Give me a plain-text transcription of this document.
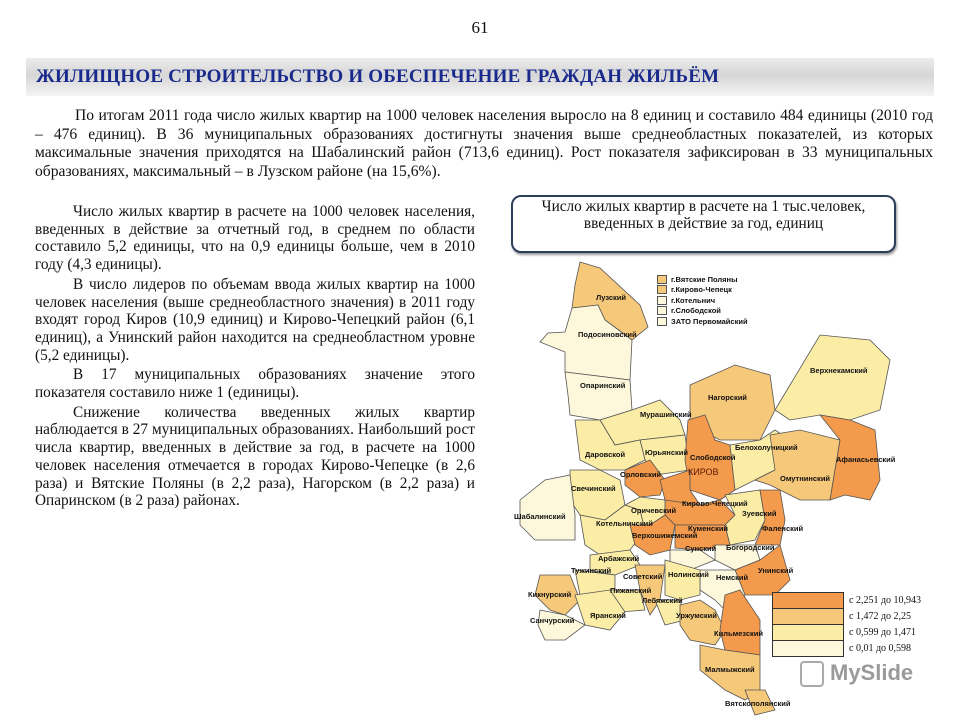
61
ЖИЛИЩНОЕ СТРОИТЕЛЬСТВО И ОБЕСПЕЧЕНИЕ ГРАЖДАН ЖИЛЬЁМ
По итогам 2011 года число жилых квартир на 1000 человек населения выросло на 8 единиц и составило 484 единицы (2010 год – 476 единиц). В 36 муниципальных образованиях достигнуты значения выше среднеобластных показателей, из которых максимальные значения приходятся на Шабалинский район (713,6 единиц). Рост показателя зафиксирован в 33 муниципальных образованиях, максимальный – в Лузском районе (на 15,6%).

Число жилых квартир в расчете на 1000 человек населения, введенных в действие за отчетный год, в среднем по области составило 5,2 единицы, что на 0,9 единицы больше, чем в 2010 году (4,3 единицы).

В число лидеров по объемам ввода жилых квартир на 1000 человек населения (выше среднеобластного значения) в 2011 году входят город Киров (10,9 единиц) и Кирово-Чепецкий район (6,1 единиц), а Унинский район находится на среднеобластном уровне (5,2 единицы).

В 17 муниципальных образованиях значение этого показателя составило ниже 1 (единицы).

Снижение количества введенных жилых квартир наблюдается в 27 муниципальных образованиях. Наибольший рост числа квартир, введенных в действие за год, в расчете на 1000 человек населения отмечается в городах Кирово-Чепецке (в 2,6 раза) и Вятские Поляны (в 2,2 раза), Нагорском (в 2,2 раза) и Опаринском (в 2 раза) районах.

Лузский
Подосиновский
Опаринский
Мурашинский
Нагорский
Верхнекамский
Юрьянский
Даровской	Слободской
Белохолуницкий
Омутнинский
Афанасьевский
Орловский	КИРОВ
Кирово-Чепецкий
Свечинский
Шабалинский
Котельничский
Оричевский
Верхошижемский
Куменский
Зуевский
Фаленский
Сунский Богородский
Унинский
Немский
Арбажский
Тужинский
Советский Нолинский
Пижанский
Лебяжский
Уржумский
Кильмезский
Кикнурский
Яранский
Санчурский
Малмыжский
Вятскополянский
Число жилых квартир в расчете на 1 тыс.человек, введенных в действие за год, единиц
г.Вятские Поляны
г.Кирово-Чепецк
г.Котельнич
г.Слободской
ЗАТО Первомайский
с 2,251 до 10,943
с 1,472 до 2,25
с 0,599 до 1,471
с 0,01 до 0,598
MySlide
